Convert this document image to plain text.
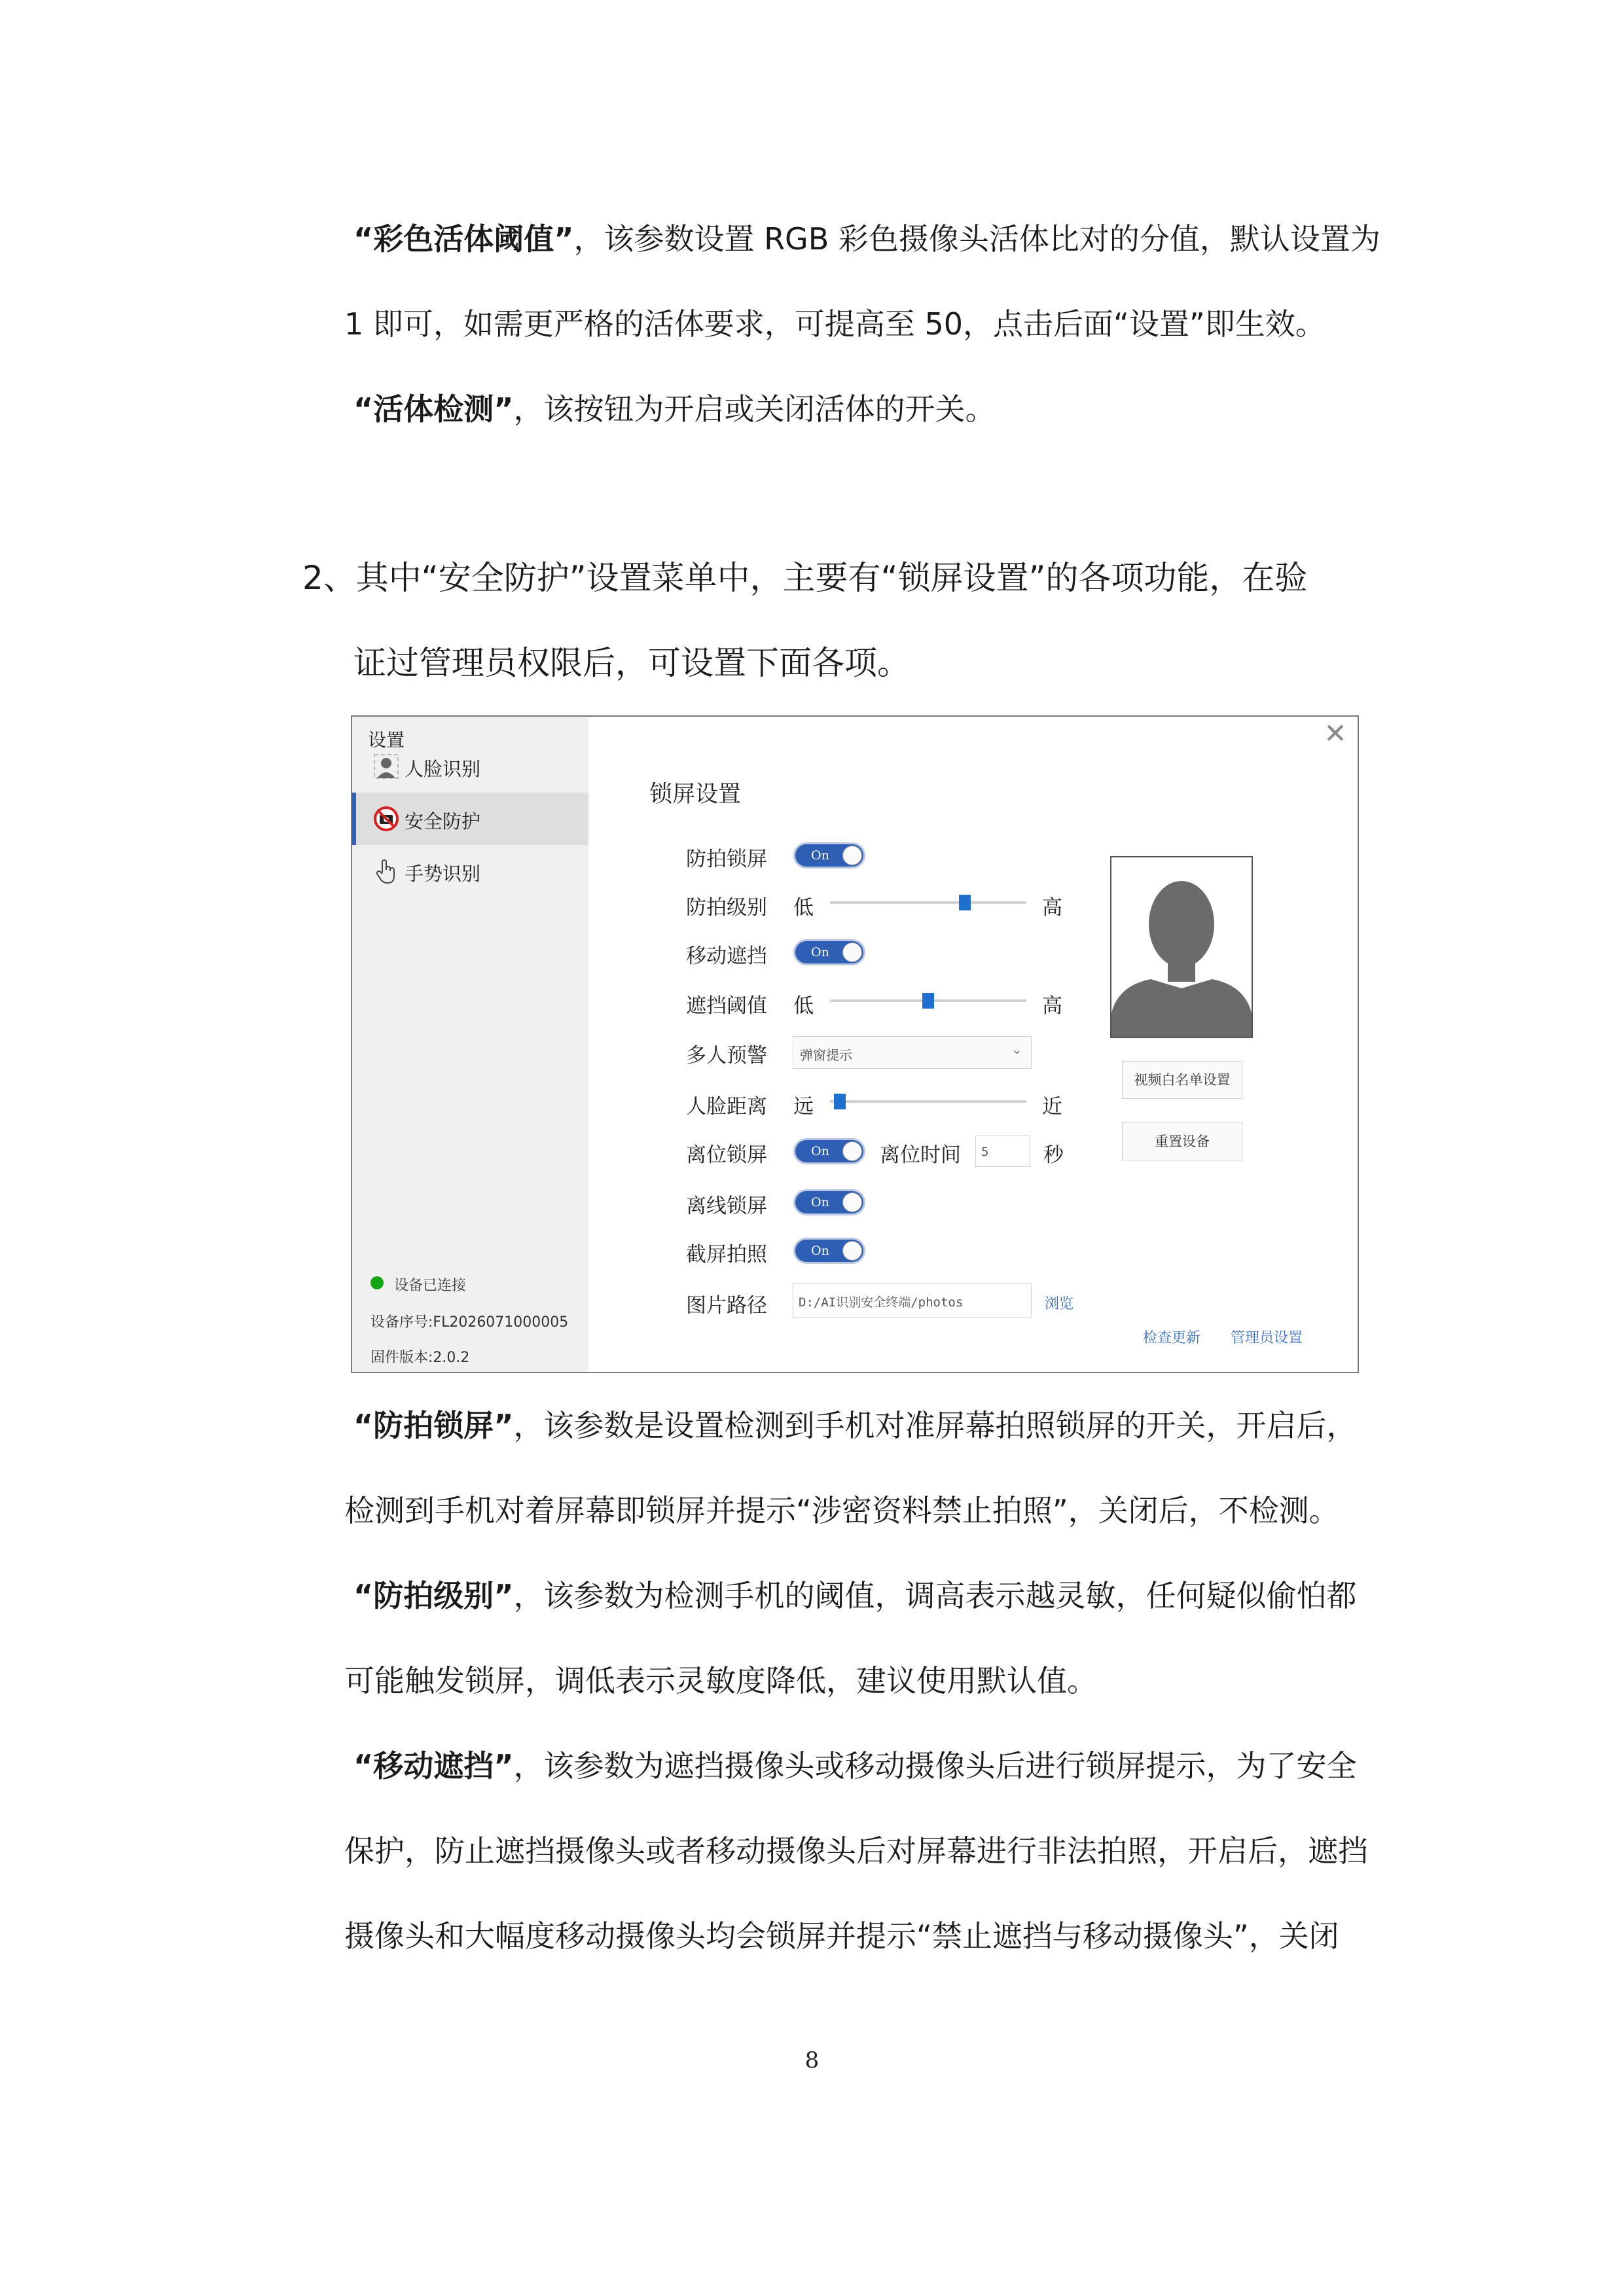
“彩色活体阈值”，该参数设置 RGB 彩色摄像头活体比对的分值，默认设置为
1 即可，如需更严格的活体要求，可提高至 50，点击后面“设置”即生效。
“活体检测”，该按钮为开启或关闭活体的开关。
2、其中“安全防护”设置菜单中，主要有“锁屏设置”的各项功能，在验
证过管理员权限后，可设置下面各项。
设置
人脸识别
安全防护
手势识别
设备已连接
设备序号:FL2026071000005
固件版本:2.0.2
✕
锁屏设置
防拍锁屏	On
防拍级别 低	高
移动遮挡	On
遮挡阈值 低	高
多人预警	弹窗提示	⌄
人脸距离 远	近
离位锁屏	On 离位时间 5	秒
离线锁屏	On
截屏拍照	On
图片路径	D:/AI识别安全终端/photos	浏览
视频白名单设置
重置设备
检查更新 管理员设置
“防拍锁屏”，该参数是设置检测到手机对准屏幕拍照锁屏的开关，开启后，
检测到手机对着屏幕即锁屏并提示“涉密资料禁止拍照”，关闭后，不检测。
“防拍级别”，该参数为检测手机的阈值，调高表示越灵敏，任何疑似偷怕都
可能触发锁屏，调低表示灵敏度降低，建议使用默认值。
“移动遮挡”，该参数为遮挡摄像头或移动摄像头后进行锁屏提示，为了安全
保护，防止遮挡摄像头或者移动摄像头后对屏幕进行非法拍照，开启后，遮挡
摄像头和大幅度移动摄像头均会锁屏并提示“禁止遮挡与移动摄像头”，关闭
8
